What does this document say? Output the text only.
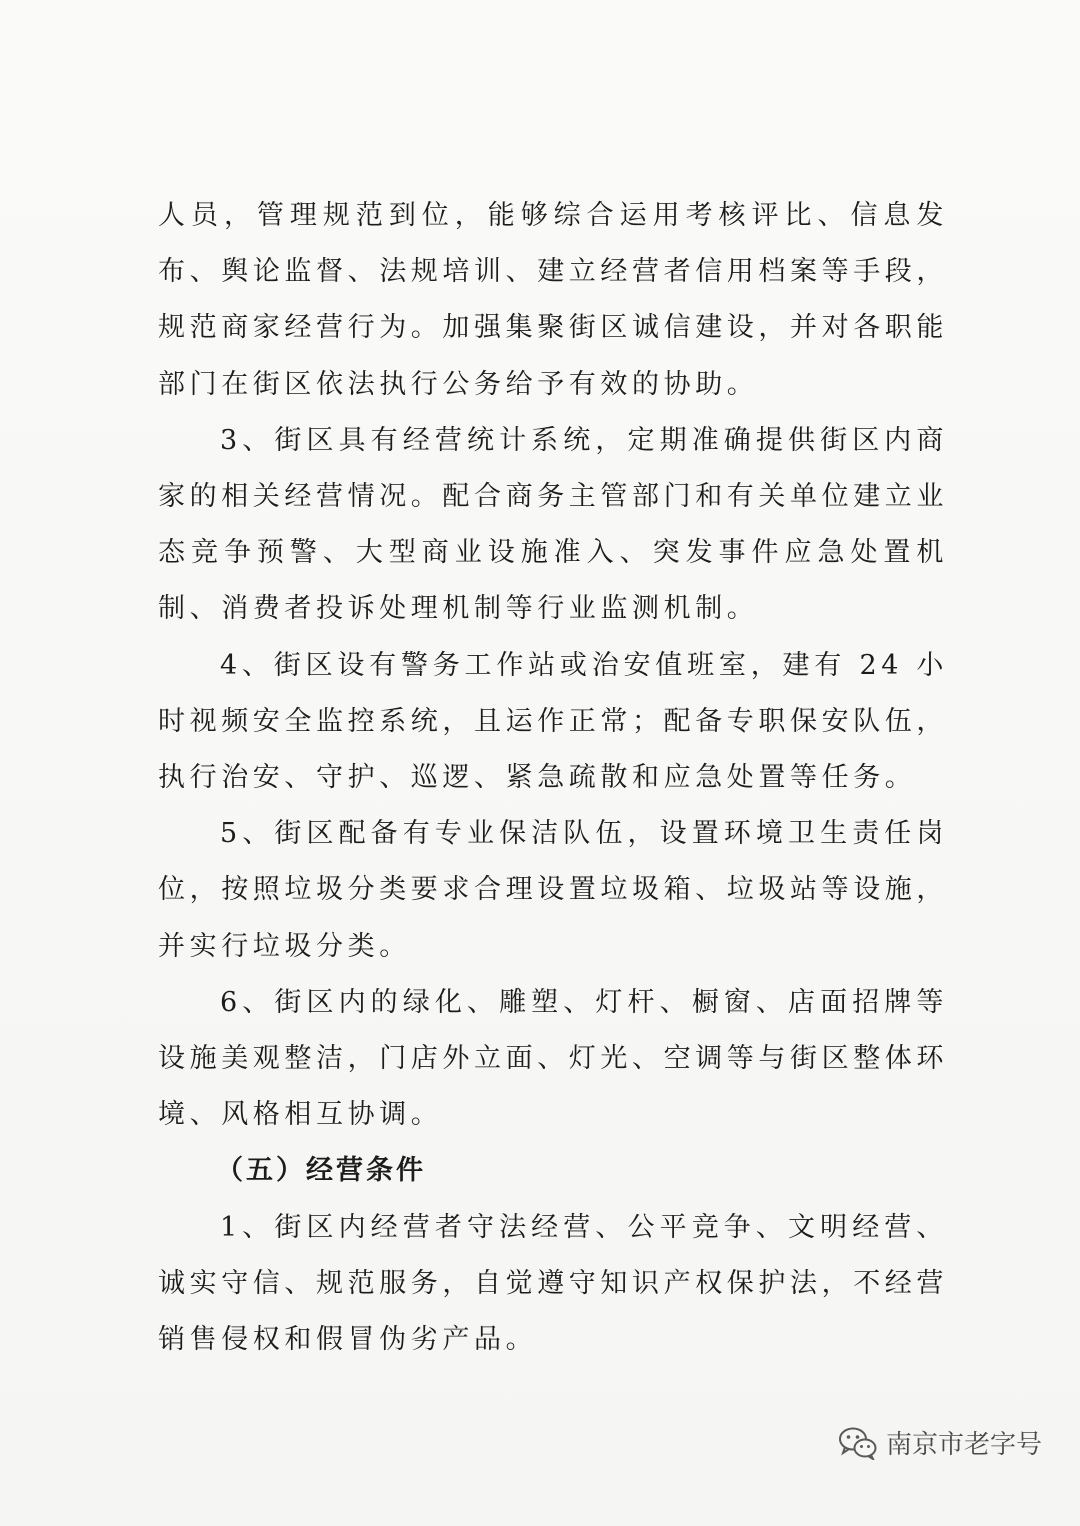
人员，管理规范到位，能够综合运用考核评比、信息发布、舆论监督、法规培训、建立经营者信用档案等手段，规范商家经营行为。加强集聚街区诚信建设，并对各职能部门在街区依法执行公务给予有效的协助。

3、街区具有经营统计系统，定期准确提供街区内商家的相关经营情况。配合商务主管部门和有关单位建立业态竞争预警、大型商业设施准入、突发事件应急处置机制、消费者投诉处理机制等行业监测机制。

4、街区设有警务工作站或治安值班室，建有 24 小时视频安全监控系统，且运作正常；配备专职保安队伍，执行治安、守护、巡逻、紧急疏散和应急处置等任务。

5、街区配备有专业保洁队伍，设置环境卫生责任岗位，按照垃圾分类要求合理设置垃圾箱、垃圾站等设施，并实行垃圾分类。

6、街区内的绿化、雕塑、灯杆、橱窗、店面招牌等设施美观整洁，门店外立面、灯光、空调等与街区整体环境、风格相互协调。

（五）经营条件

1、街区内经营者守法经营、公平竞争、文明经营、诚实守信、规范服务，自觉遵守知识产权保护法，不经营销售侵权和假冒伪劣产品。

南京市老字号
